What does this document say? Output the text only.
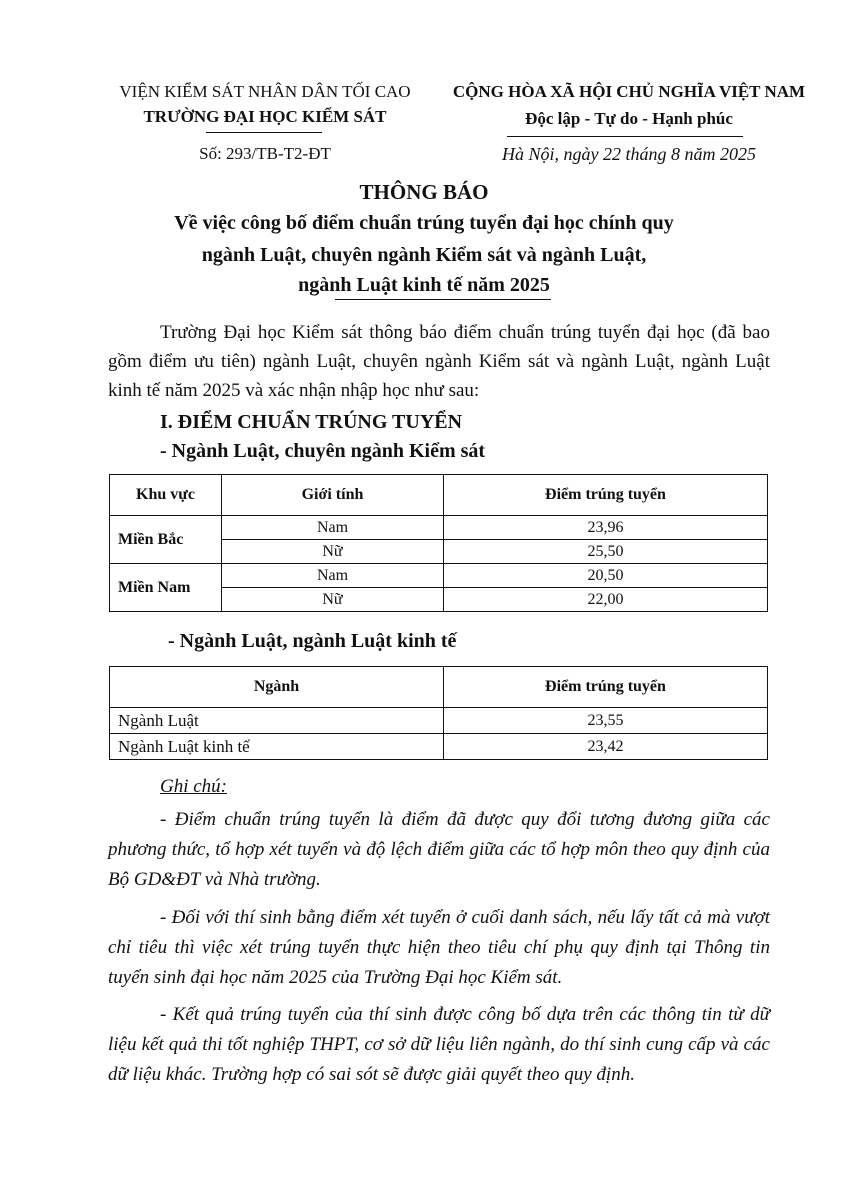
VIỆN KIỂM SÁT NHÂN DÂN TỐI CAO
TRƯỜNG ĐẠI HỌC KIỂM SÁT
Số: 293/TB-T2-ĐT
CỘNG HÒA XÃ HỘI CHỦ NGHĨA VIỆT NAM
Độc lập - Tự do - Hạnh phúc
Hà Nội, ngày 22 tháng 8 năm 2025
THÔNG BÁO
Về việc công bố điểm chuẩn trúng tuyển đại học chính quy
ngành Luật, chuyên ngành Kiểm sát và ngành Luật,
ngành Luật kinh tế năm 2025
Trường Đại học Kiểm sát thông báo điểm chuẩn trúng tuyển đại học (đã bao gồm điểm ưu tiên) ngành Luật, chuyên ngành Kiểm sát và ngành Luật, ngành Luật kinh tế năm 2025 và xác nhận nhập học như sau:
I. ĐIỂM CHUẨN TRÚNG TUYỂN
- Ngành Luật, chuyên ngành Kiểm sát
Khu vực	Giới tính	Điểm trúng tuyển
Miền Bắc	Nam	23,96
	Nữ	25,50
Miền Nam	Nam	20,50
	Nữ	22,00
- Ngành Luật, ngành Luật kinh tế
Ngành	Điểm trúng tuyển
Ngành Luật	23,55
Ngành Luật kinh tế	23,42
Ghi chú:
- Điểm chuẩn trúng tuyển là điểm đã được quy đổi tương đương giữa các phương thức, tổ hợp xét tuyển và độ lệch điểm giữa các tổ hợp môn theo quy định của Bộ GD&ĐT và Nhà trường.
- Đối với thí sinh bằng điểm xét tuyển ở cuối danh sách, nếu lấy tất cả mà vượt chỉ tiêu thì việc xét trúng tuyển thực hiện theo tiêu chí phụ quy định tại Thông tin tuyển sinh đại học năm 2025 của Trường Đại học Kiểm sát.
- Kết quả trúng tuyển của thí sinh được công bố dựa trên các thông tin từ dữ liệu kết quả thi tốt nghiệp THPT, cơ sở dữ liệu liên ngành, do thí sinh cung cấp và các dữ liệu khác. Trường hợp có sai sót sẽ được giải quyết theo quy định.
